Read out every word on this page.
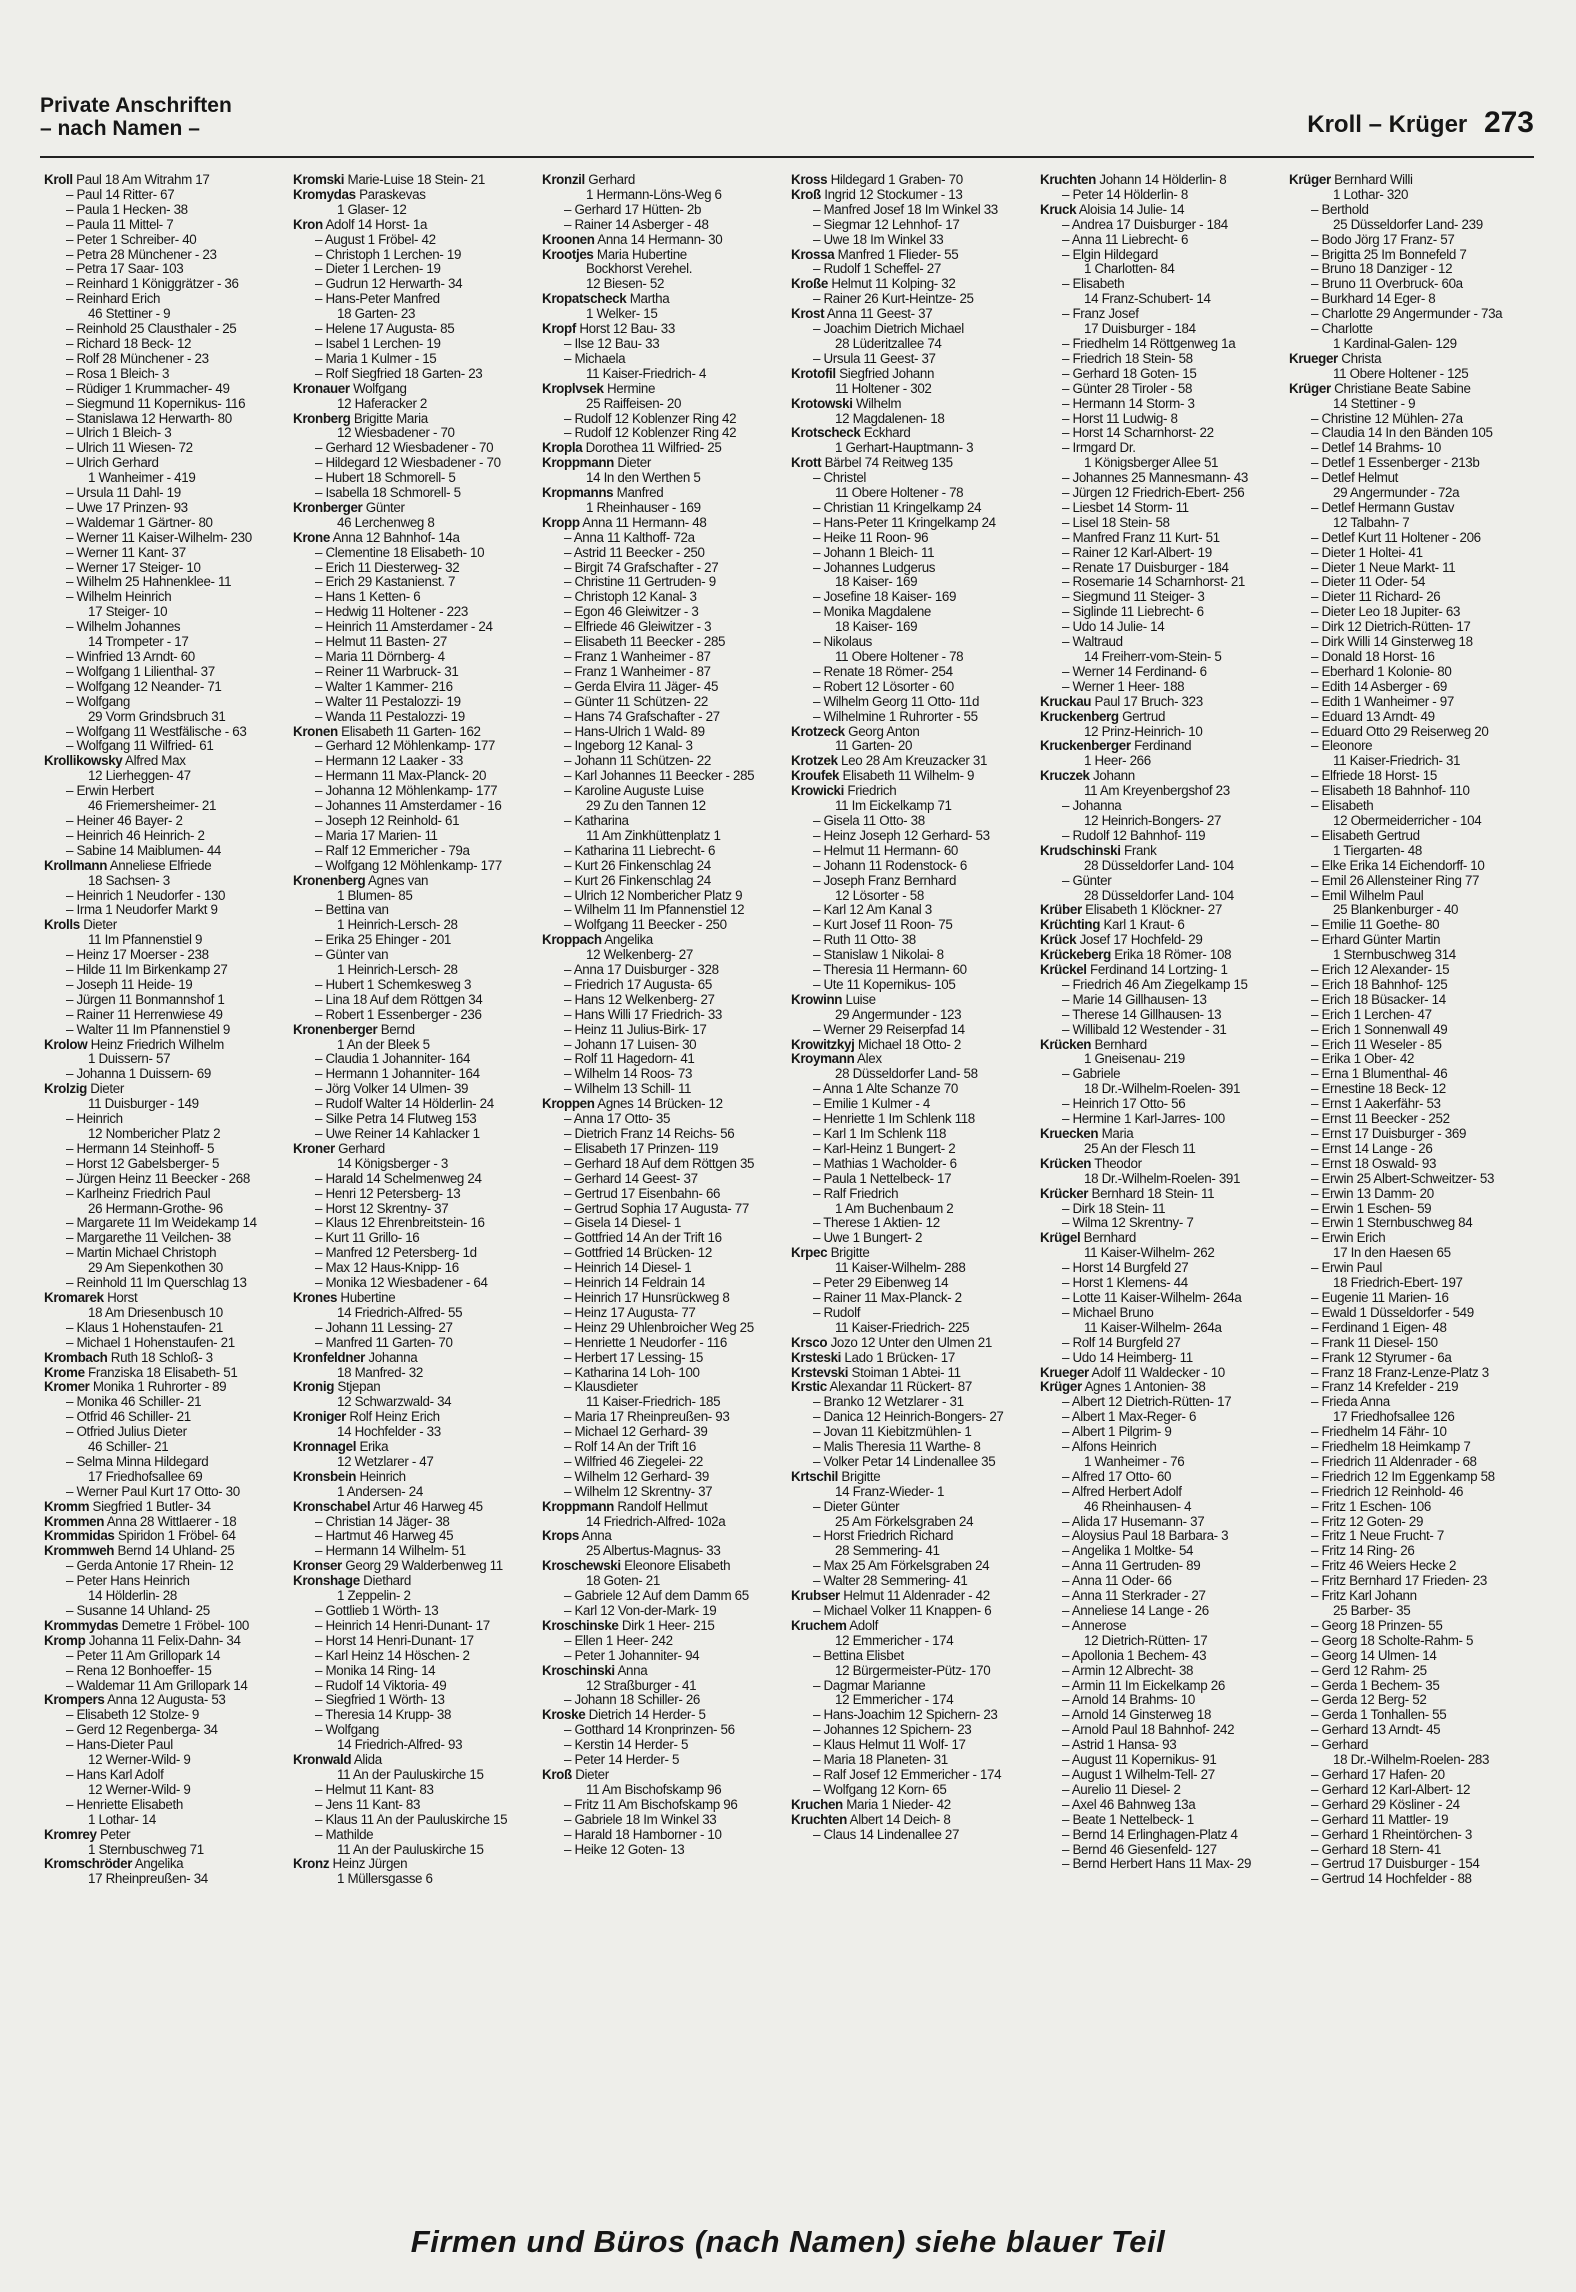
Private Anschriften
– nach Namen –	Kroll – Krüger 273
Kroll Paul 18 Am Witrahm 17
– Paul 14 Ritter- 67
– Paula 1 Hecken- 38
– Paula 11 Mittel- 7
– Peter 1 Schreiber- 40
– Petra 28 Münchener - 23
– Petra 17 Saar- 103
– Reinhard 1 Königgrätzer - 36
– Reinhard Erich
46 Stettiner - 9
– Reinhold 25 Clausthaler - 25
– Richard 18 Beck- 12
– Rolf 28 Münchener - 23
– Rosa 1 Bleich- 3
– Rüdiger 1 Krummacher- 49
– Siegmund 11 Kopernikus- 116
– Stanislawa 12 Herwarth- 80
– Ulrich 1 Bleich- 3
– Ulrich 11 Wiesen- 72
– Ulrich Gerhard
1 Wanheimer - 419
– Ursula 11 Dahl- 19
– Uwe 17 Prinzen- 93
– Waldemar 1 Gärtner- 80
– Werner 11 Kaiser-Wilhelm- 230
– Werner 11 Kant- 37
– Werner 17 Steiger- 10
– Wilhelm 25 Hahnenklee- 11
– Wilhelm Heinrich
17 Steiger- 10
– Wilhelm Johannes
14 Trompeter - 17
– Winfried 13 Arndt- 60
– Wolfgang 1 Lilienthal- 37
– Wolfgang 12 Neander- 71
– Wolfgang
29 Vorm Grindsbruch 31
– Wolfgang 11 Westfälische - 63
– Wolfgang 11 Wilfried- 61
Krollikowsky Alfred Max
12 Lierheggen- 47
– Erwin Herbert
46 Friemersheimer- 21
– Heiner 46 Bayer- 2
– Heinrich 46 Heinrich- 2
– Sabine 14 Maiblumen- 44
Krollmann Anneliese Elfriede
18 Sachsen- 3
– Heinrich 1 Neudorfer - 130
– Irma 1 Neudorfer Markt 9
Krolls Dieter
11 Im Pfannenstiel 9
– Heinz 17 Moerser - 238
– Hilde 11 Im Birkenkamp 27
– Joseph 11 Heide- 19
– Jürgen 11 Bonmannshof 1
– Rainer 11 Herrenwiese 49
– Walter 11 Im Pfannenstiel 9
Krolow Heinz Friedrich Wilhelm
1 Duissern- 57
– Johanna 1 Duissern- 69
Krolzig Dieter
11 Duisburger - 149
– Heinrich
12 Nombericher Platz 2
– Hermann 14 Steinhoff- 5
– Horst 12 Gabelsberger- 5
– Jürgen Heinz 11 Beecker - 268
– Karlheinz Friedrich Paul
26 Hermann-Grothe- 96
– Margarete 11 Im Weidekamp 14
– Margarethe 11 Veilchen- 38
– Martin Michael Christoph
29 Am Siepenkothen 30
– Reinhold 11 Im Querschlag 13
Kromarek Horst
18 Am Driesenbusch 10
– Klaus 1 Hohenstaufen- 21
– Michael 1 Hohenstaufen- 21
Krombach Ruth 18 Schloß- 3
Krome Franziska 18 Elisabeth- 51
Kromer Monika 1 Ruhrorter - 89
– Monika 46 Schiller- 21
– Otfrid 46 Schiller- 21
– Otfried Julius Dieter
46 Schiller- 21
– Selma Minna Hildegard
17 Friedhofsallee 69
– Werner Paul Kurt 17 Otto- 30
Kromm Siegfried 1 Butler- 34
Krommen Anna 28 Wittlaerer - 18
Krommidas Spiridon 1 Fröbel- 64
Krommweh Bernd 14 Uhland- 25
– Gerda Antonie 17 Rhein- 12
– Peter Hans Heinrich
14 Hölderlin- 28
– Susanne 14 Uhland- 25
Krommydas Demetre 1 Fröbel- 100
Kromp Johanna 11 Felix-Dahn- 34
– Peter 11 Am Grillopark 14
– Rena 12 Bonhoeffer- 15
– Waldemar 11 Am Grillopark 14
Krompers Anna 12 Augusta- 53
– Elisabeth 12 Stolze- 9
– Gerd 12 Regenberga- 34
– Hans-Dieter Paul
12 Werner-Wild- 9
– Hans Karl Adolf
12 Werner-Wild- 9
– Henriette Elisabeth
1 Lothar- 14
Kromrey Peter
1 Sternbuschweg 71
Kromschröder Angelika
17 Rheinpreußen- 34
Kromski Marie-Luise 18 Stein- 21
Kromydas Paraskevas
1 Glaser- 12
Kron Adolf 14 Horst- 1a
– August 1 Fröbel- 42
– Christoph 1 Lerchen- 19
– Dieter 1 Lerchen- 19
– Gudrun 12 Herwarth- 34
– Hans-Peter Manfred
18 Garten- 23
– Helene 17 Augusta- 85
– Isabel 1 Lerchen- 19
– Maria 1 Kulmer - 15
– Rolf Siegfried 18 Garten- 23
Kronauer Wolfgang
12 Haferacker 2
Kronberg Brigitte Maria
12 Wiesbadener - 70
– Gerhard 12 Wiesbadener - 70
– Hildegard 12 Wiesbadener - 70
– Hubert 18 Schmorell- 5
– Isabella 18 Schmorell- 5
Kronberger Günter
46 Lerchenweg 8
Krone Anna 12 Bahnhof- 14a
– Clementine 18 Elisabeth- 10
– Erich 11 Diesterweg- 32
– Erich 29 Kastanienst. 7
– Hans 1 Ketten- 6
– Hedwig 11 Holtener - 223
– Heinrich 11 Amsterdamer - 24
– Helmut 11 Basten- 27
– Maria 11 Dörnberg- 4
– Reiner 11 Warbruck- 31
– Walter 1 Kammer- 216
– Walter 11 Pestalozzi- 19
– Wanda 11 Pestalozzi- 19
Kronen Elisabeth 11 Garten- 162
– Gerhard 12 Möhlenkamp- 177
– Hermann 12 Laaker - 33
– Hermann 11 Max-Planck- 20
– Johanna 12 Möhlenkamp- 177
– Johannes 11 Amsterdamer - 16
– Joseph 12 Reinhold- 61
– Maria 17 Marien- 11
– Ralf 12 Emmericher - 79a
– Wolfgang 12 Möhlenkamp- 177
Kronenberg Agnes van
1 Blumen- 85
– Bettina van
1 Heinrich-Lersch- 28
– Erika 25 Ehinger - 201
– Günter van
1 Heinrich-Lersch- 28
– Hubert 1 Schemkesweg 3
– Lina 18 Auf dem Röttgen 34
– Robert 1 Essenberger - 236
Kronenberger Bernd
1 An der Bleek 5
– Claudia 1 Johanniter- 164
– Hermann 1 Johanniter- 164
– Jörg Volker 14 Ulmen- 39
– Rudolf Walter 14 Hölderlin- 24
– Silke Petra 14 Flutweg 153
– Uwe Reiner 14 Kahlacker 1
Kroner Gerhard
14 Königsberger - 3
– Harald 14 Schelmenweg 24
– Henri 12 Petersberg- 13
– Horst 12 Skrentny- 37
– Klaus 12 Ehrenbreitstein- 16
– Kurt 11 Grillo- 16
– Manfred 12 Petersberg- 1d
– Max 12 Haus-Knipp- 16
– Monika 12 Wiesbadener - 64
Krones Hubertine
14 Friedrich-Alfred- 55
– Johann 11 Lessing- 27
– Manfred 11 Garten- 70
Kronfeldner Johanna
18 Manfred- 32
Kronig Stjepan
12 Schwarzwald- 34
Kroniger Rolf Heinz Erich
14 Hochfelder - 33
Kronnagel Erika
12 Wetzlarer - 47
Kronsbein Heinrich
1 Andersen- 24
Kronschabel Artur 46 Harweg 45
– Christian 14 Jäger- 38
– Hartmut 46 Harweg 45
– Hermann 14 Wilhelm- 51
Kronser Georg 29 Walderbenweg 11
Kronshage Diethard
1 Zeppelin- 2
– Gottlieb 1 Wörth- 13
– Heinrich 14 Henri-Dunant- 17
– Horst 14 Henri-Dunant- 17
– Karl Heinz 14 Höschen- 2
– Monika 14 Ring- 14
– Rudolf 14 Viktoria- 49
– Siegfried 1 Wörth- 13
– Theresia 14 Krupp- 38
– Wolfgang
14 Friedrich-Alfred- 93
Kronwald Alida
11 An der Pauluskirche 15
– Helmut 11 Kant- 83
– Jens 11 Kant- 83
– Klaus 11 An der Pauluskirche 15
– Mathilde
11 An der Pauluskirche 15
Kronz Heinz Jürgen
1 Müllersgasse 6
Kronzil Gerhard
1 Hermann-Löns-Weg 6
– Gerhard 17 Hütten- 2b
– Rainer 14 Asberger - 48
Kroonen Anna 14 Hermann- 30
Krootjes Maria Hubertine
Bockhorst Verehel.
12 Biesen- 52
Kropatscheck Martha
1 Welker- 15
Kropf Horst 12 Bau- 33
– Ilse 12 Bau- 33
– Michaela
11 Kaiser-Friedrich- 4
Kroplvsek Hermine
25 Raiffeisen- 20
– Rudolf 12 Koblenzer Ring 42
– Rudolf 12 Koblenzer Ring 42
Kropla Dorothea 11 Wilfried- 25
Kroppmann Dieter
14 In den Werthen 5
Kropmanns Manfred
1 Rheinhauser - 169
Kropp Anna 11 Hermann- 48
– Anna 11 Kalthoff- 72a
– Astrid 11 Beecker - 250
– Birgit 74 Grafschafter - 27
– Christine 11 Gertruden- 9
– Christoph 12 Kanal- 3
– Egon 46 Gleiwitzer - 3
– Elfriede 46 Gleiwitzer - 3
– Elisabeth 11 Beecker - 285
– Franz 1 Wanheimer - 87
– Franz 1 Wanheimer - 87
– Gerda Elvira 11 Jäger- 45
– Günter 11 Schützen- 22
– Hans 74 Grafschafter - 27
– Hans-Ulrich 1 Wald- 89
– Ingeborg 12 Kanal- 3
– Johann 11 Schützen- 22
– Karl Johannes 11 Beecker - 285
– Karoline Auguste Luise
29 Zu den Tannen 12
– Katharina
11 Am Zinkhüttenplatz 1
– Katharina 11 Liebrecht- 6
– Kurt 26 Finkenschlag 24
– Kurt 26 Finkenschlag 24
– Ulrich 12 Nombericher Platz 9
– Wilhelm 11 Im Pfannenstiel 12
– Wolfgang 11 Beecker - 250
Kroppach Angelika
12 Welkenberg- 27
– Anna 17 Duisburger - 328
– Friedrich 17 Augusta- 65
– Hans 12 Welkenberg- 27
– Hans Willi 17 Friedrich- 33
– Heinz 11 Julius-Birk- 17
– Johann 17 Luisen- 30
– Rolf 11 Hagedorn- 41
– Wilhelm 14 Roos- 73
– Wilhelm 13 Schill- 11
Kroppen Agnes 14 Brücken- 12
– Anna 17 Otto- 35
– Dietrich Franz 14 Reichs- 56
– Elisabeth 17 Prinzen- 119
– Gerhard 18 Auf dem Röttgen 35
– Gerhard 14 Geest- 37
– Gertrud 17 Eisenbahn- 66
– Gertrud Sophia 17 Augusta- 77
– Gisela 14 Diesel- 1
– Gottfried 14 An der Trift 16
– Gottfried 14 Brücken- 12
– Heinrich 14 Diesel- 1
– Heinrich 14 Feldrain 14
– Heinrich 17 Hunsrückweg 8
– Heinz 17 Augusta- 77
– Heinz 29 Uhlenbroicher Weg 25
– Henriette 1 Neudorfer - 116
– Herbert 17 Lessing- 15
– Katharina 14 Loh- 100
– Klausdieter
11 Kaiser-Friedrich- 185
– Maria 17 Rheinpreußen- 93
– Michael 12 Gerhard- 39
– Rolf 14 An der Trift 16
– Wilfried 46 Ziegelei- 22
– Wilhelm 12 Gerhard- 39
– Wilhelm 12 Skrentny- 37
Kroppmann Randolf Hellmut
14 Friedrich-Alfred- 102a
Krops Anna
25 Albertus-Magnus- 33
Kroschewski Eleonore Elisabeth
18 Goten- 21
– Gabriele 12 Auf dem Damm 65
– Karl 12 Von-der-Mark- 19
Kroschinske Dirk 1 Heer- 215
– Ellen 1 Heer- 242
– Peter 1 Johanniter- 94
Kroschinski Anna
12 Straßburger - 41
– Johann 18 Schiller- 26
Kroske Dietrich 14 Herder- 5
– Gotthard 14 Kronprinzen- 56
– Kerstin 14 Herder- 5
– Peter 14 Herder- 5
Kroß Dieter
11 Am Bischofskamp 96
– Fritz 11 Am Bischofskamp 96
– Gabriele 18 Im Winkel 33
– Harald 18 Hamborner - 10
– Heike 12 Goten- 13
Kross Hildegard 1 Graben- 70
Kroß Ingrid 12 Stockumer - 13
– Manfred Josef 18 Im Winkel 33
– Siegmar 12 Lehnhof- 17
– Uwe 18 Im Winkel 33
Krossa Manfred 1 Flieder- 55
– Rudolf 1 Scheffel- 27
Kroße Helmut 11 Kolping- 32
– Rainer 26 Kurt-Heintze- 25
Krost Anna 11 Geest- 37
– Joachim Dietrich Michael
28 Lüderitzallee 74
– Ursula 11 Geest- 37
Krotofil Siegfried Johann
11 Holtener - 302
Krotowski Wilhelm
12 Magdalenen- 18
Krotscheck Eckhard
1 Gerhart-Hauptmann- 3
Krott Bärbel 74 Reitweg 135
– Christel
11 Obere Holtener - 78
– Christian 11 Kringelkamp 24
– Hans-Peter 11 Kringelkamp 24
– Heike 11 Roon- 96
– Johann 1 Bleich- 11
– Johannes Ludgerus
18 Kaiser- 169
– Josefine 18 Kaiser- 169
– Monika Magdalene
18 Kaiser- 169
– Nikolaus
11 Obere Holtener - 78
– Renate 18 Römer- 254
– Robert 12 Lösorter - 60
– Wilhelm Georg 11 Otto- 11d
– Wilhelmine 1 Ruhrorter - 55
Krotzeck Georg Anton
11 Garten- 20
Krotzek Leo 28 Am Kreuzacker 31
Kroufek Elisabeth 11 Wilhelm- 9
Krowicki Friedrich
11 Im Eickelkamp 71
– Gisela 11 Otto- 38
– Heinz Joseph 12 Gerhard- 53
– Helmut 11 Hermann- 60
– Johann 11 Rodenstock- 6
– Joseph Franz Bernhard
12 Lösorter - 58
– Karl 12 Am Kanal 3
– Kurt Josef 11 Roon- 75
– Ruth 11 Otto- 38
– Stanislaw 1 Nikolai- 8
– Theresia 11 Hermann- 60
– Ute 11 Kopernikus- 105
Krowinn Luise
29 Angermunder - 123
– Werner 29 Reiserpfad 14
Krowitzkyj Michael 18 Otto- 2
Kroymann Alex
28 Düsseldorfer Land- 58
– Anna 1 Alte Schanze 70
– Emilie 1 Kulmer - 4
– Henriette 1 Im Schlenk 118
– Karl 1 Im Schlenk 118
– Karl-Heinz 1 Bungert- 2
– Mathias 1 Wacholder- 6
– Paula 1 Nettelbeck- 17
– Ralf Friedrich
1 Am Buchenbaum 2
– Therese 1 Aktien- 12
– Uwe 1 Bungert- 2
Krpec Brigitte
11 Kaiser-Wilhelm- 288
– Peter 29 Eibenweg 14
– Rainer 11 Max-Planck- 2
– Rudolf
11 Kaiser-Friedrich- 225
Krsco Jozo 12 Unter den Ulmen 21
Krsteski Lado 1 Brücken- 17
Krstevski Stoiman 1 Abtei- 11
Krstic Alexandar 11 Rückert- 87
– Branko 12 Wetzlarer - 31
– Danica 12 Heinrich-Bongers- 27
– Jovan 11 Kiebitzmühlen- 1
– Malis Theresia 11 Warthe- 8
– Volker Petar 14 Lindenallee 35
Krtschil Brigitte
14 Franz-Wieder- 1
– Dieter Günter
25 Am Förkelsgraben 24
– Horst Friedrich Richard
28 Semmering- 41
– Max 25 Am Förkelsgraben 24
– Walter 28 Semmering- 41
Krubser Helmut 11 Aldenrader - 42
– Michael Volker 11 Knappen- 6
Kruchem Adolf
12 Emmericher - 174
– Bettina Elisbet
12 Bürgermeister-Pütz- 170
– Dagmar Marianne
12 Emmericher - 174
– Hans-Joachim 12 Spichern- 23
– Johannes 12 Spichern- 23
– Klaus Helmut 11 Wolf- 17
– Maria 18 Planeten- 31
– Ralf Josef 12 Emmericher - 174
– Wolfgang 12 Korn- 65
Kruchen Maria 1 Nieder- 42
Kruchten Albert 14 Deich- 8
– Claus 14 Lindenallee 27
Kruchten Johann 14 Hölderlin- 8
– Peter 14 Hölderlin- 8
Kruck Aloisia 14 Julie- 14
– Andrea 17 Duisburger - 184
– Anna 11 Liebrecht- 6
– Elgin Hildegard
1 Charlotten- 84
– Elisabeth
14 Franz-Schubert- 14
– Franz Josef
17 Duisburger - 184
– Friedhelm 14 Röttgenweg 1a
– Friedrich 18 Stein- 58
– Gerhard 18 Goten- 15
– Günter 28 Tiroler - 58
– Hermann 14 Storm- 3
– Horst 11 Ludwig- 8
– Horst 14 Scharnhorst- 22
– Irmgard Dr.
1 Königsberger Allee 51
– Johannes 25 Mannesmann- 43
– Jürgen 12 Friedrich-Ebert- 256
– Liesbet 14 Storm- 11
– Lisel 18 Stein- 58
– Manfred Franz 11 Kurt- 51
– Rainer 12 Karl-Albert- 19
– Renate 17 Duisburger - 184
– Rosemarie 14 Scharnhorst- 21
– Siegmund 11 Steiger- 3
– Siglinde 11 Liebrecht- 6
– Udo 14 Julie- 14
– Waltraud
14 Freiherr-vom-Stein- 5
– Werner 14 Ferdinand- 6
– Werner 1 Heer- 188
Kruckau Paul 17 Bruch- 323
Kruckenberg Gertrud
12 Prinz-Heinrich- 10
Kruckenberger Ferdinand
1 Heer- 266
Kruczek Johann
11 Am Kreyenbergshof 23
– Johanna
12 Heinrich-Bongers- 27
– Rudolf 12 Bahnhof- 119
Krudschinski Frank
28 Düsseldorfer Land- 104
– Günter
28 Düsseldorfer Land- 104
Krüber Elisabeth 1 Klöckner- 27
Krüchting Karl 1 Kraut- 6
Krück Josef 17 Hochfeld- 29
Krückeberg Erika 18 Römer- 108
Krückel Ferdinand 14 Lortzing- 1
– Friedrich 46 Am Ziegelkamp 15
– Marie 14 Gillhausen- 13
– Therese 14 Gillhausen- 13
– Willibald 12 Westender - 31
Krücken Bernhard
1 Gneisenau- 219
– Gabriele
18 Dr.-Wilhelm-Roelen- 391
– Heinrich 17 Otto- 56
– Hermine 1 Karl-Jarres- 100
Kruecken Maria
25 An der Flesch 11
Krücken Theodor
18 Dr.-Wilhelm-Roelen- 391
Krücker Bernhard 18 Stein- 11
– Dirk 18 Stein- 11
– Wilma 12 Skrentny- 7
Krügel Bernhard
11 Kaiser-Wilhelm- 262
– Horst 14 Burgfeld 27
– Horst 1 Klemens- 44
– Lotte 11 Kaiser-Wilhelm- 264a
– Michael Bruno
11 Kaiser-Wilhelm- 264a
– Rolf 14 Burgfeld 27
– Udo 14 Heimberg- 11
Krueger Adolf 11 Waldecker - 10
Krüger Agnes 1 Antonien- 38
– Albert 12 Dietrich-Rütten- 17
– Albert 1 Max-Reger- 6
– Albert 1 Pilgrim- 9
– Alfons Heinrich
1 Wanheimer - 76
– Alfred 17 Otto- 60
– Alfred Herbert Adolf
46 Rheinhausen- 4
– Alida 17 Husemann- 37
– Aloysius Paul 18 Barbara- 3
– Angelika 1 Moltke- 54
– Anna 11 Gertruden- 89
– Anna 11 Oder- 66
– Anna 11 Sterkrader - 27
– Anneliese 14 Lange - 26
– Annerose
12 Dietrich-Rütten- 17
– Apollonia 1 Bechem- 43
– Armin 12 Albrecht- 38
– Armin 11 Im Eickelkamp 26
– Arnold 14 Brahms- 10
– Arnold 14 Ginsterweg 18
– Arnold Paul 18 Bahnhof- 242
– Astrid 1 Hansa- 93
– August 11 Kopernikus- 91
– August 1 Wilhelm-Tell- 27
– Aurelio 11 Diesel- 2
– Axel 46 Bahnweg 13a
– Beate 1 Nettelbeck- 1
– Bernd 14 Erlinghagen-Platz 4
– Bernd 46 Giesenfeld- 127
– Bernd Herbert Hans 11 Max- 29
Krüger Bernhard Willi
1 Lothar- 320
– Berthold
25 Düsseldorfer Land- 239
– Bodo Jörg 17 Franz- 57
– Brigitta 25 Im Bonnefeld 7
– Bruno 18 Danziger - 12
– Bruno 11 Overbruck- 60a
– Burkhard 14 Eger- 8
– Charlotte 29 Angermunder - 73a
– Charlotte
1 Kardinal-Galen- 129
Krueger Christa
11 Obere Holtener - 125
Krüger Christiane Beate Sabine
14 Stettiner - 9
– Christine 12 Mühlen- 27a
– Claudia 14 In den Bänden 105
– Detlef 14 Brahms- 10
– Detlef 1 Essenberger - 213b
– Detlef Helmut
29 Angermunder - 72a
– Detlef Hermann Gustav
12 Talbahn- 7
– Detlef Kurt 11 Holtener - 206
– Dieter 1 Holtei- 41
– Dieter 1 Neue Markt- 11
– Dieter 11 Oder- 54
– Dieter 11 Richard- 26
– Dieter Leo 18 Jupiter- 63
– Dirk 12 Dietrich-Rütten- 17
– Dirk Willi 14 Ginsterweg 18
– Donald 18 Horst- 16
– Eberhard 1 Kolonie- 80
– Edith 14 Asberger - 69
– Edith 1 Wanheimer - 97
– Eduard 13 Arndt- 49
– Eduard Otto 29 Reiserweg 20
– Eleonore
11 Kaiser-Friedrich- 31
– Elfriede 18 Horst- 15
– Elisabeth 18 Bahnhof- 110
– Elisabeth
12 Obermeiderricher - 104
– Elisabeth Gertrud
1 Tiergarten- 48
– Elke Erika 14 Eichendorff- 10
– Emil 26 Allensteiner Ring 77
– Emil Wilhelm Paul
25 Blankenburger - 40
– Emilie 11 Goethe- 80
– Erhard Günter Martin
1 Sternbuschweg 314
– Erich 12 Alexander- 15
– Erich 18 Bahnhof- 125
– Erich 18 Büsacker- 14
– Erich 1 Lerchen- 47
– Erich 1 Sonnenwall 49
– Erich 11 Weseler - 85
– Erika 1 Ober- 42
– Erna 1 Blumenthal- 46
– Ernestine 18 Beck- 12
– Ernst 1 Aakerfähr- 53
– Ernst 11 Beecker - 252
– Ernst 17 Duisburger - 369
– Ernst 14 Lange - 26
– Ernst 18 Oswald- 93
– Erwin 25 Albert-Schweitzer- 53
– Erwin 13 Damm- 20
– Erwin 1 Eschen- 59
– Erwin 1 Sternbuschweg 84
– Erwin Erich
17 In den Haesen 65
– Erwin Paul
18 Friedrich-Ebert- 197
– Eugenie 11 Marien- 16
– Ewald 1 Düsseldorfer - 549
– Ferdinand 1 Eigen- 48
– Frank 11 Diesel- 150
– Frank 12 Styrumer - 6a
– Franz 18 Franz-Lenze-Platz 3
– Franz 14 Krefelder - 219
– Frieda Anna
17 Friedhofsallee 126
– Friedhelm 14 Fähr- 10
– Friedhelm 18 Heimkamp 7
– Friedrich 11 Aldenrader - 68
– Friedrich 12 Im Eggenkamp 58
– Friedrich 12 Reinhold- 46
– Fritz 1 Eschen- 106
– Fritz 12 Goten- 29
– Fritz 1 Neue Frucht- 7
– Fritz 14 Ring- 26
– Fritz 46 Weiers Hecke 2
– Fritz Bernhard 17 Frieden- 23
– Fritz Karl Johann
25 Barber- 35
– Georg 18 Prinzen- 55
– Georg 18 Scholte-Rahm- 5
– Georg 14 Ulmen- 14
– Gerd 12 Rahm- 25
– Gerda 1 Bechem- 35
– Gerda 12 Berg- 52
– Gerda 1 Tonhallen- 55
– Gerhard 13 Arndt- 45
– Gerhard
18 Dr.-Wilhelm-Roelen- 283
– Gerhard 17 Hafen- 20
– Gerhard 12 Karl-Albert- 12
– Gerhard 29 Kösliner - 24
– Gerhard 11 Mattler- 19
– Gerhard 1 Rheintörchen- 3
– Gerhard 18 Stern- 41
– Gertrud 17 Duisburger - 154
– Gertrud 14 Hochfelder - 88
Firmen und Büros (nach Namen) siehe blauer Teil
